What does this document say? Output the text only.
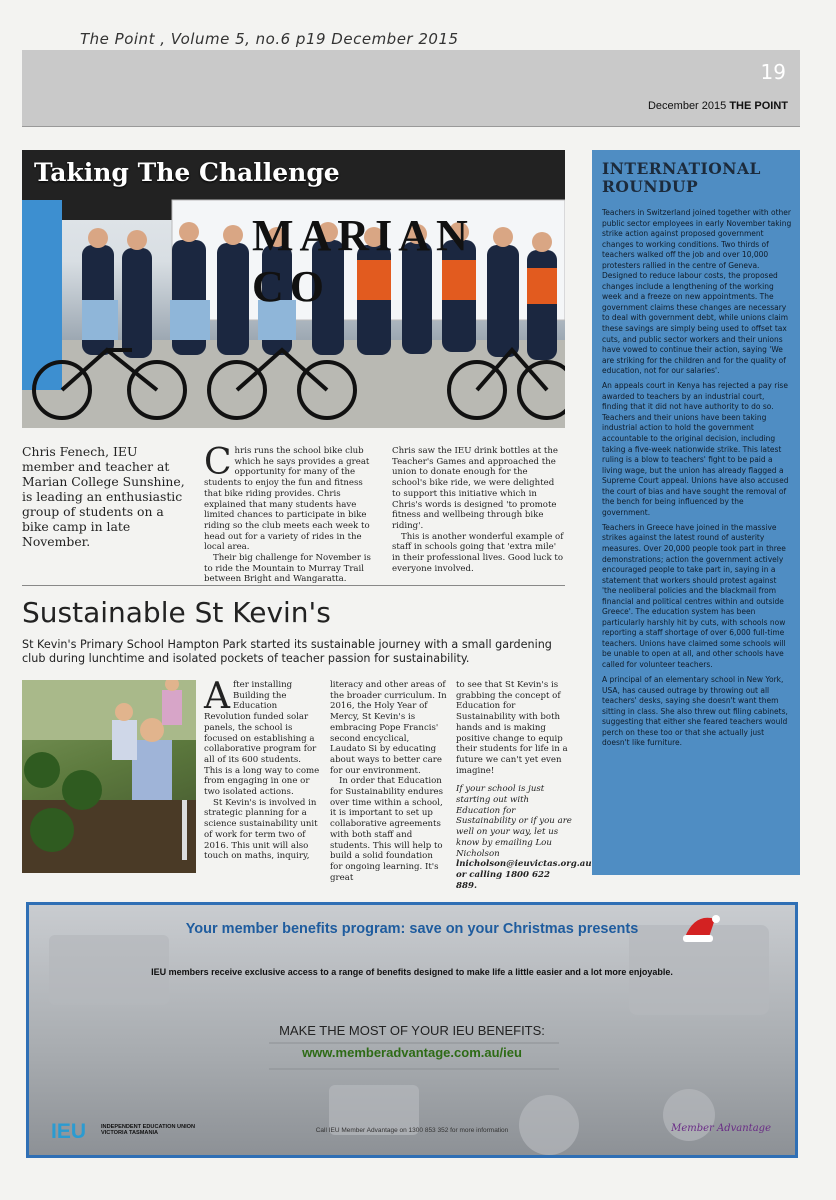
The Point , Volume 5, no.6 p19 December 2015
19
December 2015 THE POINT
MARIAN CO
Taking The Challenge
Chris Fenech, IEU member and teacher at Marian College Sunshine, is leading an enthusiastic group of students on a bike camp in late November.
C hris runs the school bike club which he says provides a great opportunity for many of the students to enjoy the fun and fitness that bike riding provides. Chris explained that many students have limited chances to participate in bike riding so the club meets each week to head out for a variety of rides in the local area.

Their big challenge for November is to ride the Mountain to Murray Trail between Bright and Wangaratta.

Chris saw the IEU drink bottles at the Teacher's Games and approached the union to donate enough for the school's bike ride, we were delighted to support this initiative which in Chris's words is designed 'to promote fitness and wellbeing through bike riding'.

This is another wonderful example of staff in schools going that 'extra mile' in their professional lives. Good luck to everyone involved.

Sustainable St Kevin's
St Kevin's Primary School Hampton Park started its sustainable journey with a small gardening club during lunchtime and isolated pockets of teacher passion for sustainability.
A fter installing Building the Education Revolution funded solar panels, the school is focused on establishing a collaborative program for all of its 600 students. This is a long way to come from engaging in one or two isolated actions.

St Kevin's is involved in strategic planning for a science sustainability unit of work for term two of 2016. This unit will also touch on maths, inquiry,

literacy and other areas of the broader curriculum. In 2016, the Holy Year of Mercy, St Kevin's is embracing Pope Francis' second encyclical, Laudato Si by educating about ways to better care for our environment.

In order that Education for Sustainability endures over time within a school, it is important to set up collaborative agreements with both staff and students. This will help to build a solid foundation for ongoing learning. It's great

to see that St Kevin's is grabbing the concept of Education for Sustainability with both hands and is making positive change to equip their students for life in a future we can't yet even imagine!

If your school is just starting out with Education for Sustainability or if you are well on your way, let us know by emailing Lou Nicholson lnicholson@ieuvictas.org.au or calling 1800 622 889.

INTERNATIONAL ROUNDUP

Teachers in Switzerland joined together with other public sector employees in early November taking strike action against proposed government changes to working conditions. Two thirds of teachers walked off the job and over 10,000 protesters rallied in the centre of Geneva. Designed to reduce labour costs, the proposed changes include a lengthening of the working week and a freeze on new appointments. The government claims these changes are necessary to deal with government debt, while unions claim these savings are simply being used to offset tax cuts, and public sector workers and their unions have vowed to continue their action, saying 'We are striking for the children and for the quality of education, not for our salaries'.

An appeals court in Kenya has rejected a pay rise awarded to teachers by an industrial court, finding that it did not have authority to do so. Teachers and their unions have been taking industrial action to hold the government accountable to the original decision, including taking a five-week nationwide strike. This latest ruling is a blow to teachers' fight to be paid a living wage, but the union has already flagged a Supreme Court appeal. Unions have also accused the court of bias and have sought the removal of the bench for being influenced by the government.

Teachers in Greece have joined in the massive strikes against the latest round of austerity measures. Over 20,000 people took part in three demonstrations; action the government actively encouraged people to take part in, saying in a statement that workers should protest against 'the neoliberal policies and the blackmail from financial and political centres within and outside Greece'. The education system has been particularly harshly hit by cuts, with schools now reporting a staff shortage of over 6,000 full-time teachers. Unions have claimed some schools will be unable to open at all, and other schools have called for volunteer teachers.

A principal of an elementary school in New York, USA, has caused outrage by throwing out all teachers' desks, saying she doesn't want them sitting in class. She also threw out filing cabinets, suggesting that either she feared teachers would perch on these too or that she actually just doesn't like furniture.

Your member benefits program: save on your Christmas presents
IEU members receive exclusive access to a range of benefits designed to make life a little easier and a lot more enjoyable.
MAKE THE MOST OF YOUR IEU BENEFITS:
www.memberadvantage.com.au/ieu
Call IEU Member Advantage on 1300 853 352 for more information
IEU	INDEPENDENT EDUCATION UNION VICTORIA TASMANIA	Member Advantage
